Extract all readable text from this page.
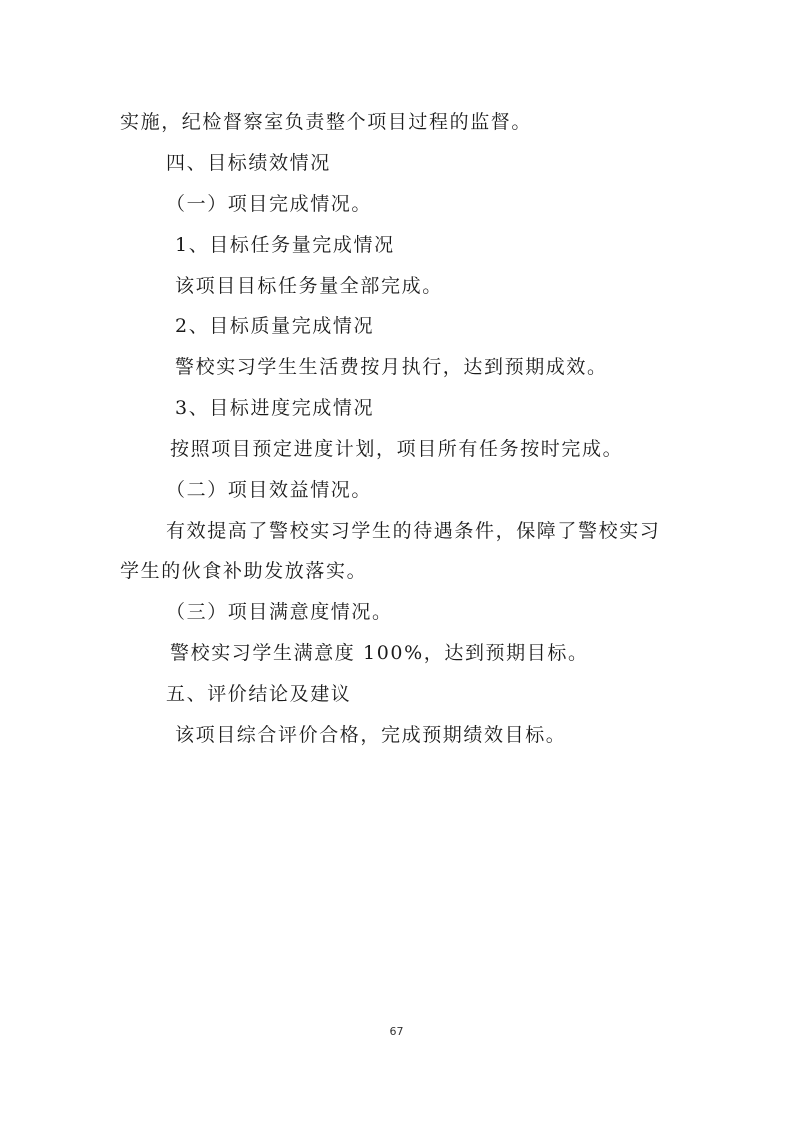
实施，纪检督察室负责整个项目过程的监督。
四、目标绩效情况
（一）项目完成情况。
1、目标任务量完成情况
该项目目标任务量全部完成。
2、目标质量完成情况
警校实习学生生活费按月执行，达到预期成效。
3、目标进度完成情况
按照项目预定进度计划，项目所有任务按时完成。
（二）项目效益情况。
有效提高了警校实习学生的待遇条件，保障了警校实习
学生的伙食补助发放落实。
（三）项目满意度情况。
警校实习学生满意度 100%，达到预期目标。
五、评价结论及建议
该项目综合评价合格，完成预期绩效目标。
67
